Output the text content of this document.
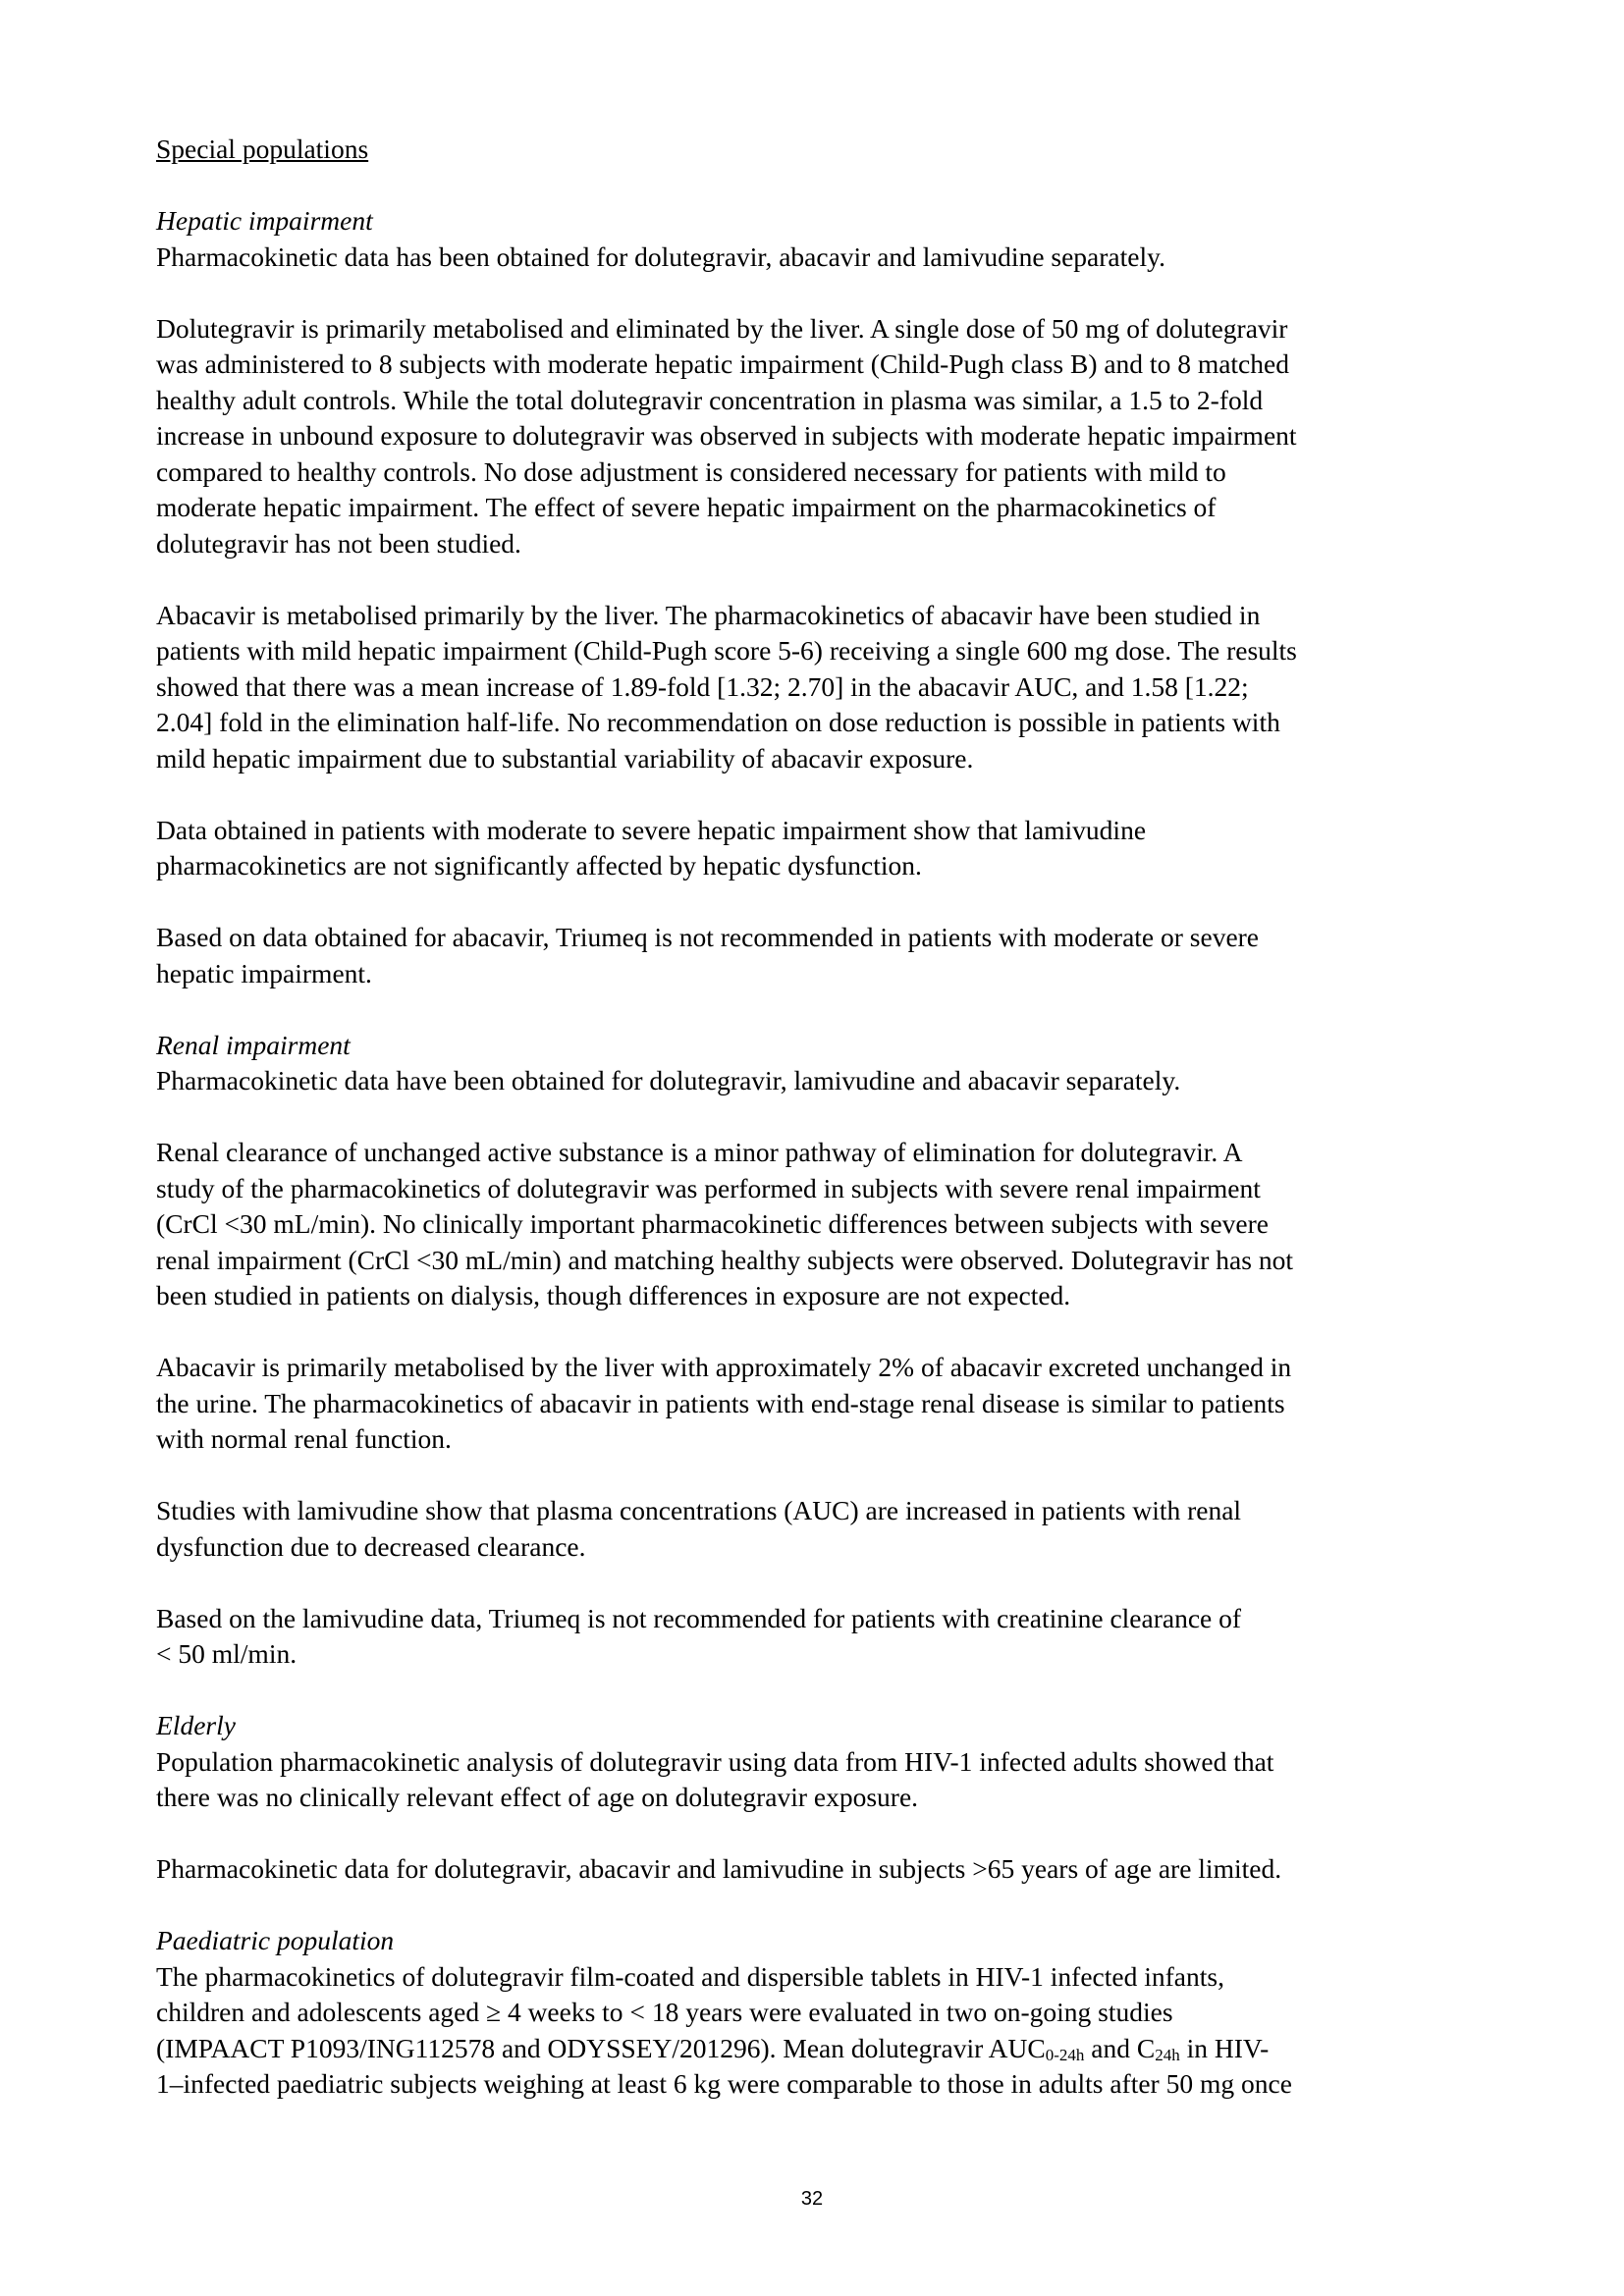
Special populations

Hepatic impairment

Pharmacokinetic data has been obtained for dolutegravir, abacavir and lamivudine separately.

Dolutegravir is primarily metabolised and eliminated by the liver. A single dose of 50 mg of dolutegravir
was administered to 8 subjects with moderate hepatic impairment (Child-Pugh class B) and to 8 matched
healthy adult controls. While the total dolutegravir concentration in plasma was similar, a 1.5 to 2-fold
increase in unbound exposure to dolutegravir was observed in subjects with moderate hepatic impairment
compared to healthy controls. No dose adjustment is considered necessary for patients with mild to
moderate hepatic impairment. The effect of severe hepatic impairment on the pharmacokinetics of
dolutegravir has not been studied.

Abacavir is metabolised primarily by the liver. The pharmacokinetics of abacavir have been studied in
patients with mild hepatic impairment (Child-Pugh score 5-6) receiving a single 600 mg dose. The results
showed that there was a mean increase of 1.89-fold [1.32; 2.70] in the abacavir AUC, and 1.58 [1.22;
2.04] fold in the elimination half-life. No recommendation on dose reduction is possible in patients with
mild hepatic impairment due to substantial variability of abacavir exposure.

Data obtained in patients with moderate to severe hepatic impairment show that lamivudine
pharmacokinetics are not significantly affected by hepatic dysfunction.

Based on data obtained for abacavir, Triumeq is not recommended in patients with moderate or severe
hepatic impairment.

Renal impairment

Pharmacokinetic data have been obtained for dolutegravir, lamivudine and abacavir separately.

Renal clearance of unchanged active substance is a minor pathway of elimination for dolutegravir. A
study of the pharmacokinetics of dolutegravir was performed in subjects with severe renal impairment
(CrCl <30 mL/min). No clinically important pharmacokinetic differences between subjects with severe
renal impairment (CrCl <30 mL/min) and matching healthy subjects were observed. Dolutegravir has not
been studied in patients on dialysis, though differences in exposure are not expected.

Abacavir is primarily metabolised by the liver with approximately 2% of abacavir excreted unchanged in
the urine. The pharmacokinetics of abacavir in patients with end-stage renal disease is similar to patients
with normal renal function.

Studies with lamivudine show that plasma concentrations (AUC) are increased in patients with renal
dysfunction due to decreased clearance.

Based on the lamivudine data, Triumeq is not recommended for patients with creatinine clearance of
< 50 ml/min.

Elderly

Population pharmacokinetic analysis of dolutegravir using data from HIV-1 infected adults showed that
there was no clinically relevant effect of age on dolutegravir exposure.

Pharmacokinetic data for dolutegravir, abacavir and lamivudine in subjects >65 years of age are limited.

Paediatric population

The pharmacokinetics of dolutegravir film-coated and dispersible tablets in HIV-1 infected infants,
children and adolescents aged ≥ 4 weeks to < 18 years were evaluated in two on-going studies
(IMPAACT P1093/ING112578 and ODYSSEY/201296). Mean dolutegravir $AUC_{0-24h}$ and $C_{24h}$ in HIV-
1–infected paediatric subjects weighing at least 6 kg were comparable to those in adults after 50 mg once
32
